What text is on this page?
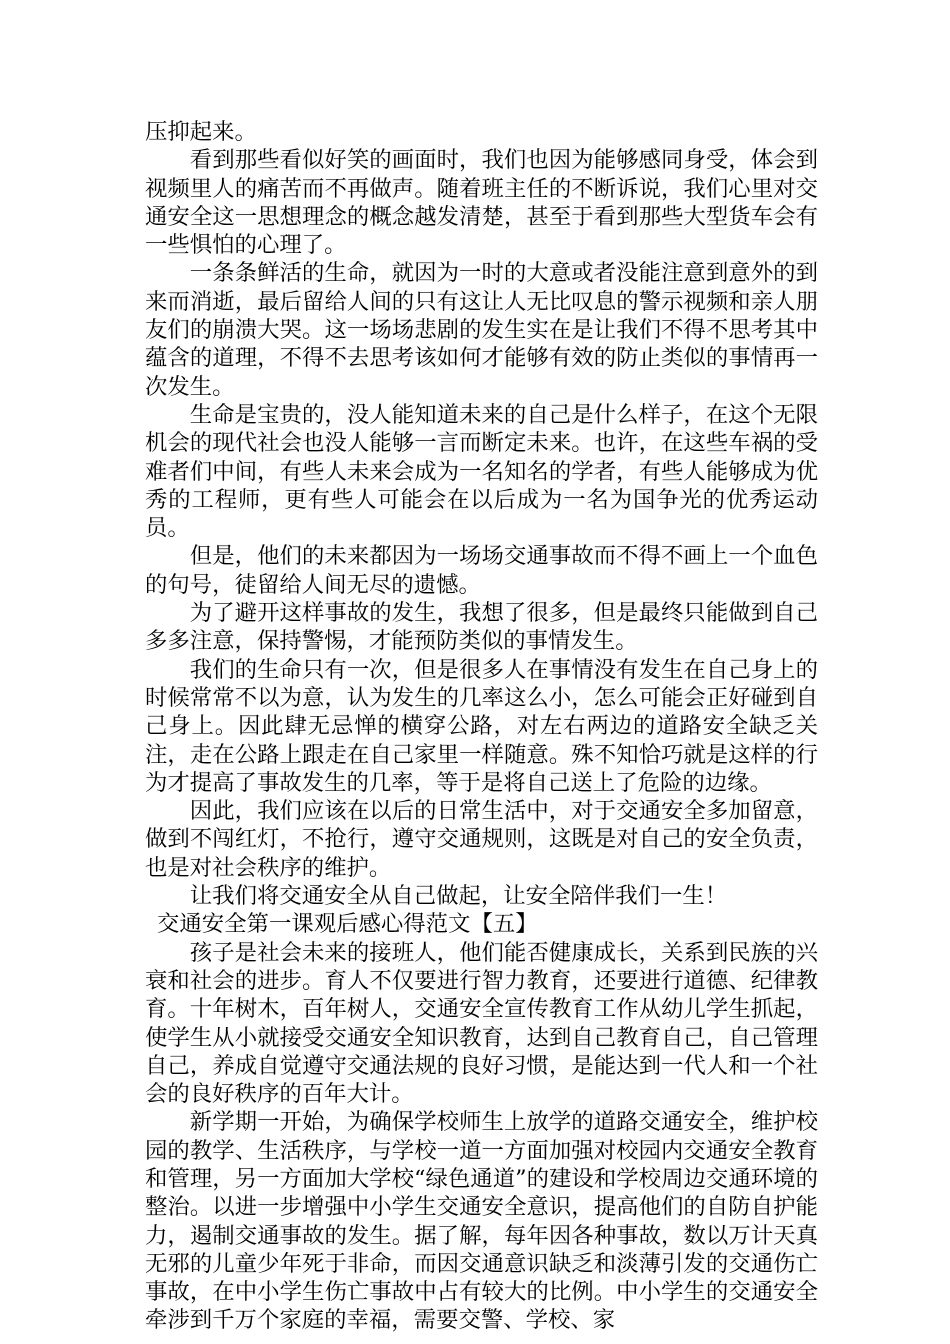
压抑起来。

看到那些看似好笑的画面时，我们也因为能够感同身受，体会到视频里人的痛苦而不再做声。随着班主任的不断诉说，我们心里对交通安全这一思想理念的概念越发清楚，甚至于看到那些大型货车会有一些惧怕的心理了。

一条条鲜活的生命，就因为一时的大意或者没能注意到意外的到来而消逝，最后留给人间的只有这让人无比叹息的警示视频和亲人朋友们的崩溃大哭。这一场场悲剧的发生实在是让我们不得不思考其中蕴含的道理，不得不去思考该如何才能够有效的防止类似的事情再一次发生。

生命是宝贵的，没人能知道未来的自己是什么样子，在这个无限机会的现代社会也没人能够一言而断定未来。也许，在这些车祸的受难者们中间，有些人未来会成为一名知名的学者，有些人能够成为优秀的工程师，更有些人可能会在以后成为一名为国争光的优秀运动员。

但是，他们的未来都因为一场场交通事故而不得不画上一个血色的句号，徒留给人间无尽的遗憾。

为了避开这样事故的发生，我想了很多，但是最终只能做到自己多多注意，保持警惕，才能预防类似的事情发生。

我们的生命只有一次，但是很多人在事情没有发生在自己身上的时候常常不以为意，认为发生的几率这么小，怎么可能会正好碰到自己身上。因此肆无忌惮的横穿公路，对左右两边的道路安全缺乏关注，走在公路上跟走在自己家里一样随意。殊不知恰巧就是这样的行为才提高了事故发生的几率，等于是将自己送上了危险的边缘。

因此，我们应该在以后的日常生活中，对于交通安全多加留意，做到不闯红灯，不抢行，遵守交通规则，这既是对自己的安全负责，也是对社会秩序的维护。

让我们将交通安全从自己做起，让安全陪伴我们一生！

交通安全第一课观后感心得范文【五】

孩子是社会未来的接班人，他们能否健康成长，关系到民族的兴衰和社会的进步。育人不仅要进行智力教育，还要进行道德、纪律教育。十年树木，百年树人，交通安全宣传教育工作从幼儿学生抓起，使学生从小就接受交通安全知识教育，达到自己教育自己，自己管理自己，养成自觉遵守交通法规的良好习惯，是能达到一代人和一个社会的良好秩序的百年大计。

新学期一开始，为确保学校师生上放学的道路交通安全，维护校园的教学、生活秩序，与学校一道一方面加强对校园内交通安全教育和管理，另一方面加大学校“绿色通道”的建设和学校周边交通环境的整治。以进一步增强中小学生交通安全意识，提高他们的自防自护能力，遏制交通事故的发生。据了解，每年因各种事故，数以万计天真无邪的儿童少年死于非命，而因交通意识缺乏和淡薄引发的交通伤亡事故，在中小学生伤亡事故中占有较大的比例。中小学生的交通安全牵涉到千万个家庭的幸福，需要交警、学校、家
